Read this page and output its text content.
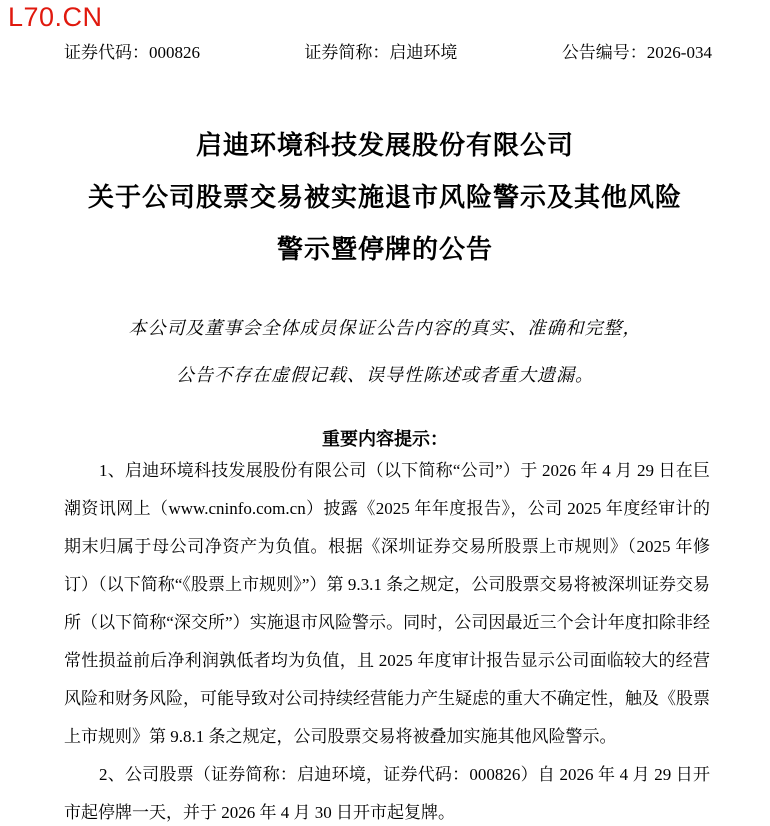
L70.CN
证券代码：000826	证券简称：启迪环境	公告编号：2026-034
启迪环境科技发展股份有限公司
关于公司股票交易被实施退市风险警示及其他风险
警示暨停牌的公告
本公司及董事会全体成员保证公告内容的真实、准确和完整，
公告不存在虚假记载、误导性陈述或者重大遗漏。
重要内容提示：

1、启迪环境科技发展股份有限公司（以下简称“公司”）于 2026 年 4 月 29 日在巨潮资讯网上（www.cninfo.com.cn）披露《2025 年年度报告》，公司 2025 年度经审计的期末归属于母公司净资产为负值。根据《深圳证券交易所股票上市规则》（2025 年修订）（以下简称“《股票上市规则》”）第 9.3.1 条之规定，公司股票交易将被深圳证券交易所（以下简称“深交所”）实施退市风险警示。同时，公司因最近三个会计年度扣除非经常性损益前后净利润孰低者均为负值，且 2025 年度审计报告显示公司面临较大的经营风险和财务风险，可能导致对公司持续经营能力产生疑虑的重大不确定性，触及《股票上市规则》第 9.8.1 条之规定，公司股票交易将被叠加实施其他风险警示。

2、公司股票（证券简称：启迪环境，证券代码：000826）自 2026 年 4 月 29 日开市起停牌一天，并于 2026 年 4 月 30 日开市起复牌。
